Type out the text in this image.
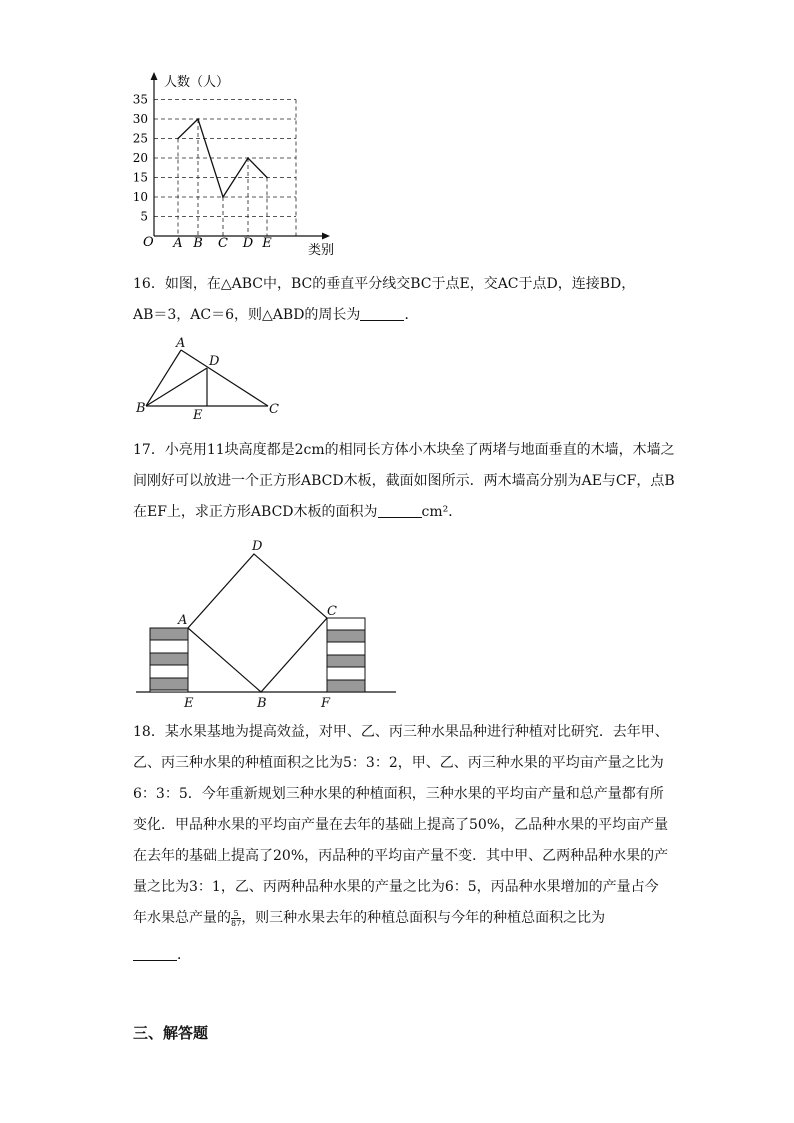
5
10
15
20
25
30
35
A B C D E
人数（人）
类别
O
16．如图，在△ABC中，BC的垂直平分线交BC于点E，交AC于点D，连接BD，
AB＝3，AC＝6，则△ABD的周长为	．
A
D
B	E	C
17．小亮用11块高度都是2cm的相同长方体小木块垒了两堵与地面垂直的木墙，木墙之
间刚好可以放进一个正方形ABCD木板，截面如图所示．两木墙高分别为AE与CF，点B
在EF上，求正方形ABCD木板的面积为	cm²．
D
A
C
E	B	F
18．某水果基地为提高效益，对甲、乙、丙三种水果品种进行种植对比研究．去年甲、
乙、丙三种水果的种植面积之比为5：3：2，甲、乙、丙三种水果的平均亩产量之比为
6：3：5．今年重新规划三种水果的种植面积，三种水果的平均亩产量和总产量都有所
变化．甲品种水果的平均亩产量在去年的基础上提高了50%，乙品种水果的平均亩产量
在去年的基础上提高了20%，丙品种的平均亩产量不变．其中甲、乙两种品种水果的产
量之比为3：1，乙、丙两种品种水果的产量之比为6：5，丙品种水果增加的产量占今
年水果总产量的 $\frac{5}{87}$ ，则三种水果去年的种植总面积与今年的种植总面积之比为
．
三、解答题
